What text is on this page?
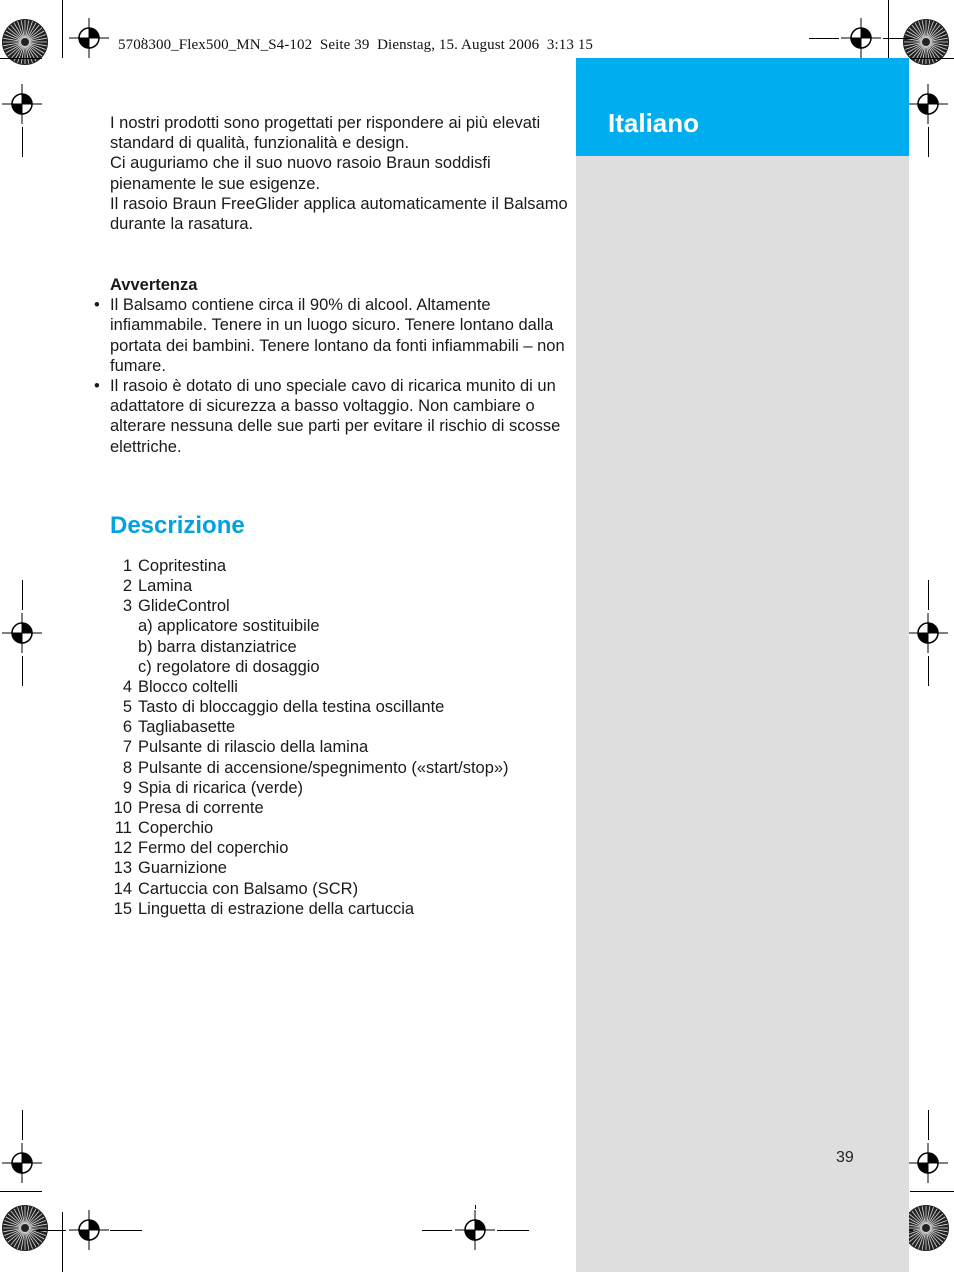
5708300_Flex500_MN_S4-102  Seite 39  Dienstag, 15. August 2006  3:13 15
Italiano

I nostri prodotti sono progettati per rispondere ai più elevati standard di qualità, funzionalità e design.

Ci auguriamo che il suo nuovo rasoio Braun soddisfi pienamente le sue esigenze.

Il rasoio Braun FreeGlider applica automaticamente il Balsamo durante la rasatura.

Avvertenza
• Il Balsamo contiene circa il 90% di alcool. Altamente infiammabile. Tenere in un luogo sicuro. Tenere lontano dalla portata dei bambini. Tenere lontano da fonti infiammabili – non fumare.
• Il rasoio è dotato di uno speciale cavo di ricarica munito di un adattatore di sicurezza a basso voltaggio. Non cambiare o alterare nessuna delle sue parti per evitare il rischio di scosse elettriche.
Descrizione
1 Copritestina
2 Lamina
3 GlideControl
a) applicatore sostituibile
b) barra distanziatrice
c) regolatore di dosaggio
4 Blocco coltelli
5 Tasto di bloccaggio della testina oscillante
6 Tagliabasette
7 Pulsante di rilascio della lamina
8 Pulsante di accensione/spegnimento («start/stop»)
9 Spia di ricarica (verde)
10 Presa di corrente
11 Coperchio
12 Fermo del coperchio
13 Guarnizione
14 Cartuccia con Balsamo (SCR)
15 Linguetta di estrazione della cartuccia
39
